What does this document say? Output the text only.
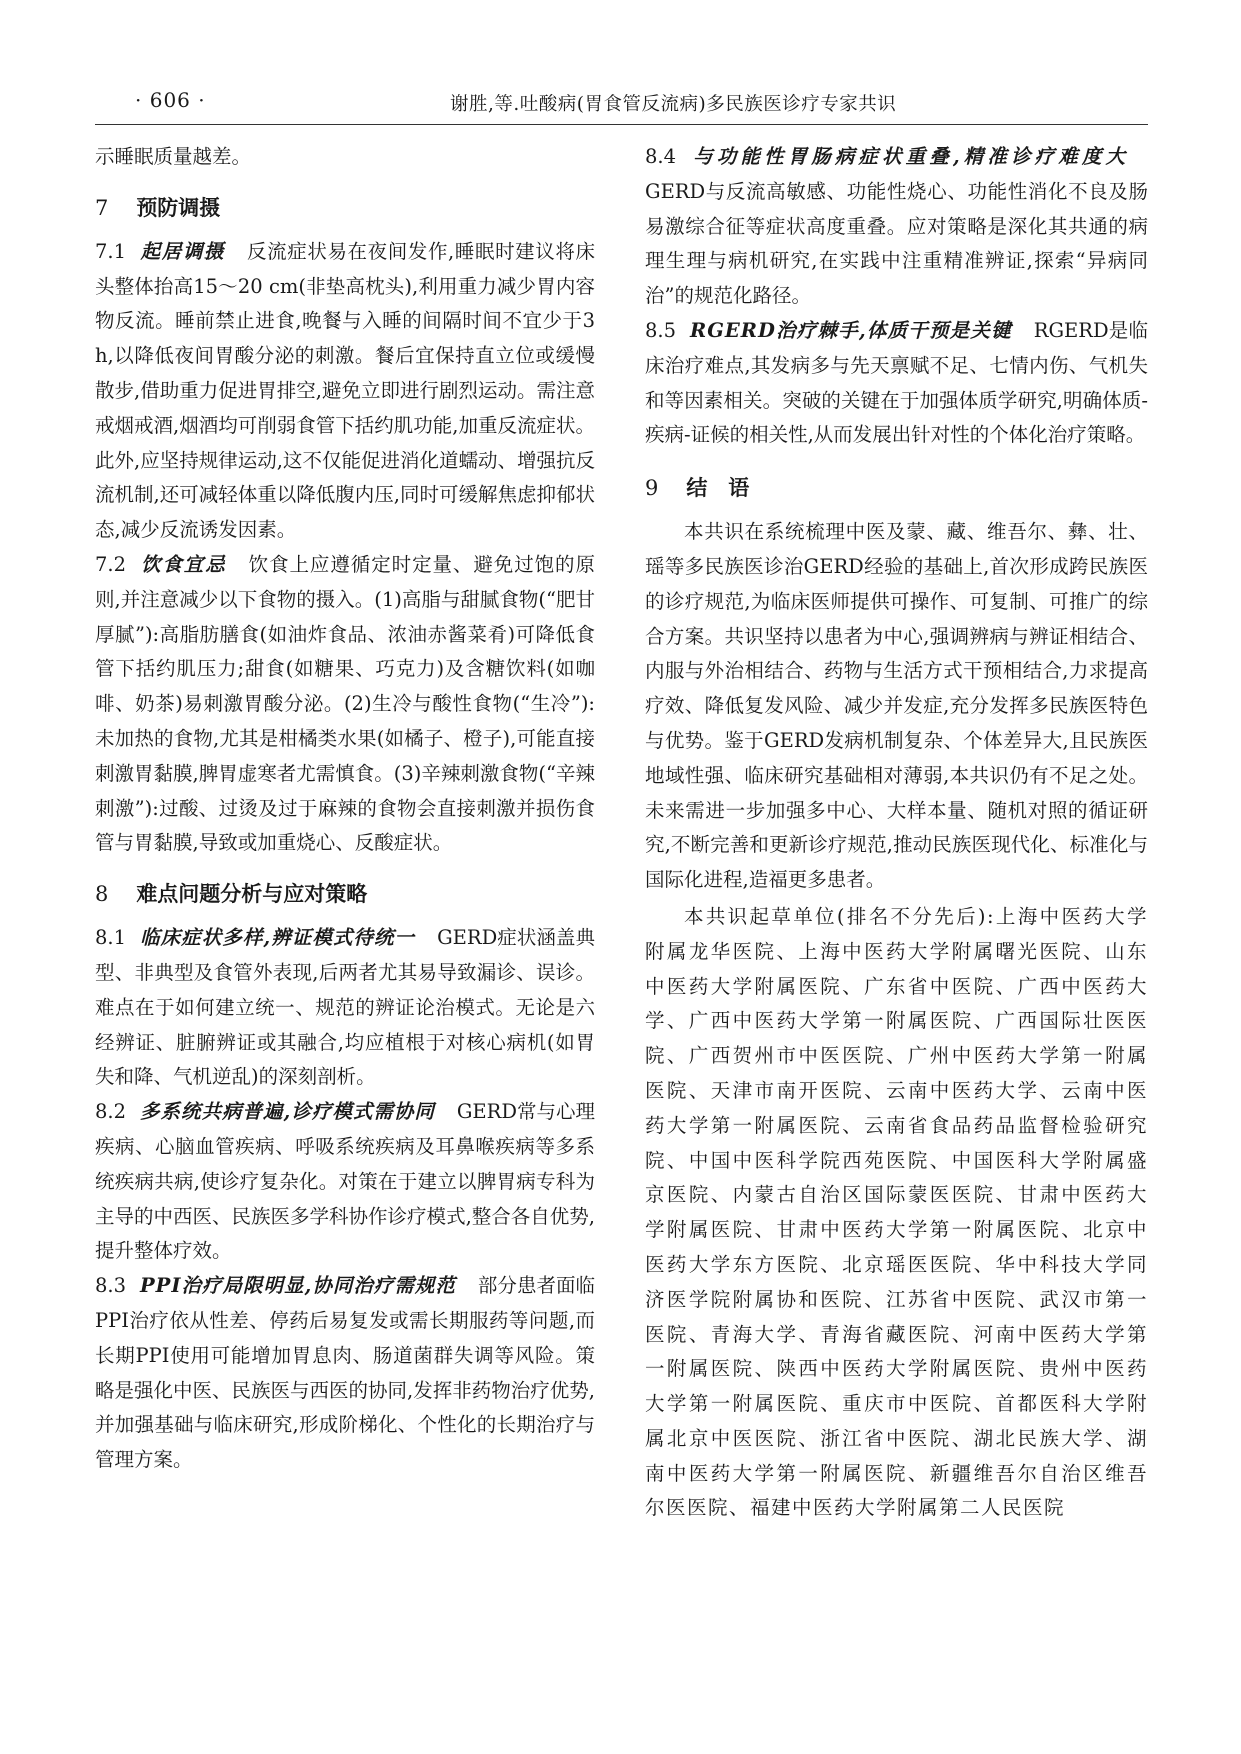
· 606 ·	谢胜,等.吐酸病(胃食管反流病)多民族医诊疗专家共识

示睡眠质量越差。

7 预防调摄

7.1 起居调摄 反流症状易在夜间发作,睡眠时建议将床头整体抬高15～20 cm(非垫高枕头),利用重力减少胃内容物反流。睡前禁止进食,晚餐与入睡的间隔时间不宜少于3 h,以降低夜间胃酸分泌的刺激。餐后宜保持直立位或缓慢散步,借助重力促进胃排空,避免立即进行剧烈运动。需注意戒烟戒酒,烟酒均可削弱食管下括约肌功能,加重反流症状。此外,应坚持规律运动,这不仅能促进消化道蠕动、增强抗反流机制,还可减轻体重以降低腹内压,同时可缓解焦虑抑郁状态,减少反流诱发因素。

7.2 饮食宜忌 饮食上应遵循定时定量、避免过饱的原则,并注意减少以下食物的摄入。(1)高脂与甜腻食物(“肥甘厚腻”):高脂肪膳食(如油炸食品、浓油赤酱菜肴)可降低食管下括约肌压力;甜食(如糖果、巧克力)及含糖饮料(如咖啡、奶茶)易刺激胃酸分泌。(2)生冷与酸性食物(“生冷”):未加热的食物,尤其是柑橘类水果(如橘子、橙子),可能直接刺激胃黏膜,脾胃虚寒者尤需慎食。(3)辛辣刺激食物(“辛辣刺激”):过酸、过烫及过于麻辣的食物会直接刺激并损伤食管与胃黏膜,导致或加重烧心、反酸症状。

8 难点问题分析与应对策略

8.1 临床症状多样,辨证模式待统一 GERD症状涵盖典型、非典型及食管外表现,后两者尤其易导致漏诊、误诊。难点在于如何建立统一、规范的辨证论治模式。无论是六经辨证、脏腑辨证或其融合,均应植根于对核心病机(如胃失和降、气机逆乱)的深刻剖析。

8.2 多系统共病普遍,诊疗模式需协同 GERD常与心理疾病、心脑血管疾病、呼吸系统疾病及耳鼻喉疾病等多系统疾病共病,使诊疗复杂化。对策在于建立以脾胃病专科为主导的中西医、民族医多学科协作诊疗模式,整合各自优势,提升整体疗效。

8.3 PPI治疗局限明显,协同治疗需规范 部分患者面临PPI治疗依从性差、停药后易复发或需长期服药等问题,而长期PPI使用可能增加胃息肉、肠道菌群失调等风险。策略是强化中医、民族医与西医的协同,发挥非药物治疗优势,并加强基础与临床研究,形成阶梯化、个性化的长期治疗与管理方案。

8.4 与功能性胃肠病症状重叠,精准诊疗难度大GERD与反流高敏感、功能性烧心、功能性消化不良及肠易激综合征等症状高度重叠。应对策略是深化其共通的病理生理与病机研究,在实践中注重精准辨证,探索“异病同治”的规范化路径。

8.5 RGERD治疗棘手,体质干预是关键 RGERD是临床治疗难点,其发病多与先天禀赋不足、七情内伤、气机失和等因素相关。突破的关键在于加强体质学研究,明确体质-疾病-证候的相关性,从而发展出针对性的个体化治疗策略。

9 结　语

本共识在系统梳理中医及蒙、藏、维吾尔、彝、壮、瑶等多民族医诊治GERD经验的基础上,首次形成跨民族医的诊疗规范,为临床医师提供可操作、可复制、可推广的综合方案。共识坚持以患者为中心,强调辨病与辨证相结合、内服与外治相结合、药物与生活方式干预相结合,力求提高疗效、降低复发风险、减少并发症,充分发挥多民族医特色与优势。鉴于GERD发病机制复杂、个体差异大,且民族医地域性强、临床研究基础相对薄弱,本共识仍有不足之处。未来需进一步加强多中心、大样本量、随机对照的循证研究,不断完善和更新诊疗规范,推动民族医现代化、标准化与国际化进程,造福更多患者。

本共识起草单位(排名不分先后):上海中医药大学附属龙华医院、上海中医药大学附属曙光医院、山东中医药大学附属医院、广东省中医院、广西中医药大学、广西中医药大学第一附属医院、广西国际壮医医院、广西贺州市中医医院、广州中医药大学第一附属医院、天津市南开医院、云南中医药大学、云南中医药大学第一附属医院、云南省食品药品监督检验研究院、中国中医科学院西苑医院、中国医科大学附属盛京医院、内蒙古自治区国际蒙医医院、甘肃中医药大学附属医院、甘肃中医药大学第一附属医院、北京中医药大学东方医院、北京瑶医医院、华中科技大学同济医学院附属协和医院、江苏省中医院、武汉市第一医院、青海大学、青海省藏医院、河南中医药大学第一附属医院、陕西中医药大学附属医院、贵州中医药大学第一附属医院、重庆市中医院、首都医科大学附属北京中医医院、浙江省中医院、湖北民族大学、湖南中医药大学第一附属医院、新疆维吾尔自治区维吾尔医医院、福建中医药大学附属第二人民医院
